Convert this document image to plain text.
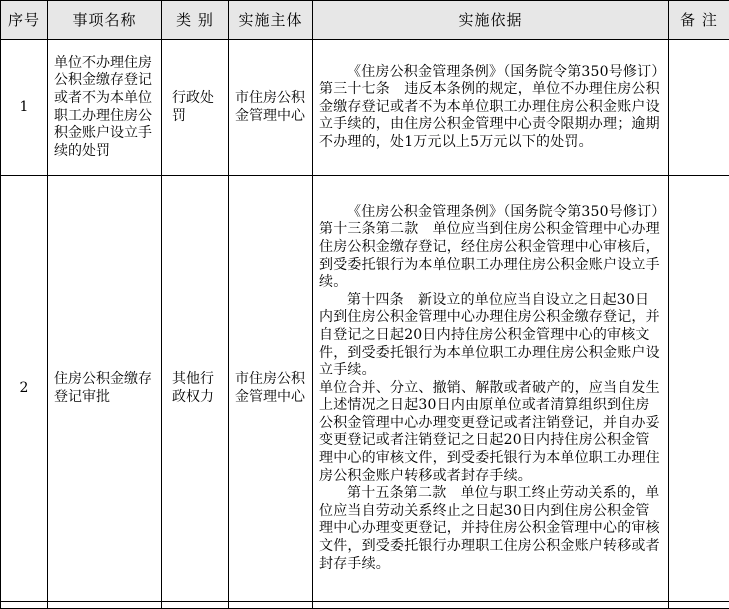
序号	事项名称	类 别	实施主体	实施依据	备 注
1	单位不办理住房公积金缴存登记或者不为本单位职工办理住房公积金账户设立手续的处罚	行政处罚	市住房公积金管理中心	《住房公积金管理条例》（国务院令第350号修订）第三十七条　违反本条例的规定，单位不办理住房公积金缴存登记或者不为本单位职工办理住房公积金账户设立手续的，由住房公积金管理中心责令限期办理；逾期不办理的，处1万元以上5万元以下的处罚。	

2	住房公积金缴存登记审批	其他行政权力	市住房公积金管理中心	《住房公积金管理条例》（国务院令第350号修订）第十三条第二款　单位应当到住房公积金管理中心办理住房公积金缴存登记，经住房公积金管理中心审核后，到受委托银行为本单位职工办理住房公积金账户设立手续。
第十四条　新设立的单位应当自设立之日起30日内到住房公积金管理中心办理住房公积金缴存登记，并自登记之日起20日内持住房公积金管理中心的审核文件，到受委托银行为本单位职工办理住房公积金账户设立手续。
单位合并、分立、撤销、解散或者破产的，应当自发生上述情况之日起30日内由原单位或者清算组织到住房公积金管理中心办理变更登记或者注销登记，并自办妥变更登记或者注销登记之日起20日内持住房公积金管理中心的审核文件，到受委托银行为本单位职工办理住房公积金账户转移或者封存手续。
第十五条第二款　单位与职工终止劳动关系的，单位应当自劳动关系终止之日起30日内到住房公积金管理中心办理变更登记，并持住房公积金管理中心的审核文件，到受委托银行办理职工住房公积金账户转移或者封存手续。	
